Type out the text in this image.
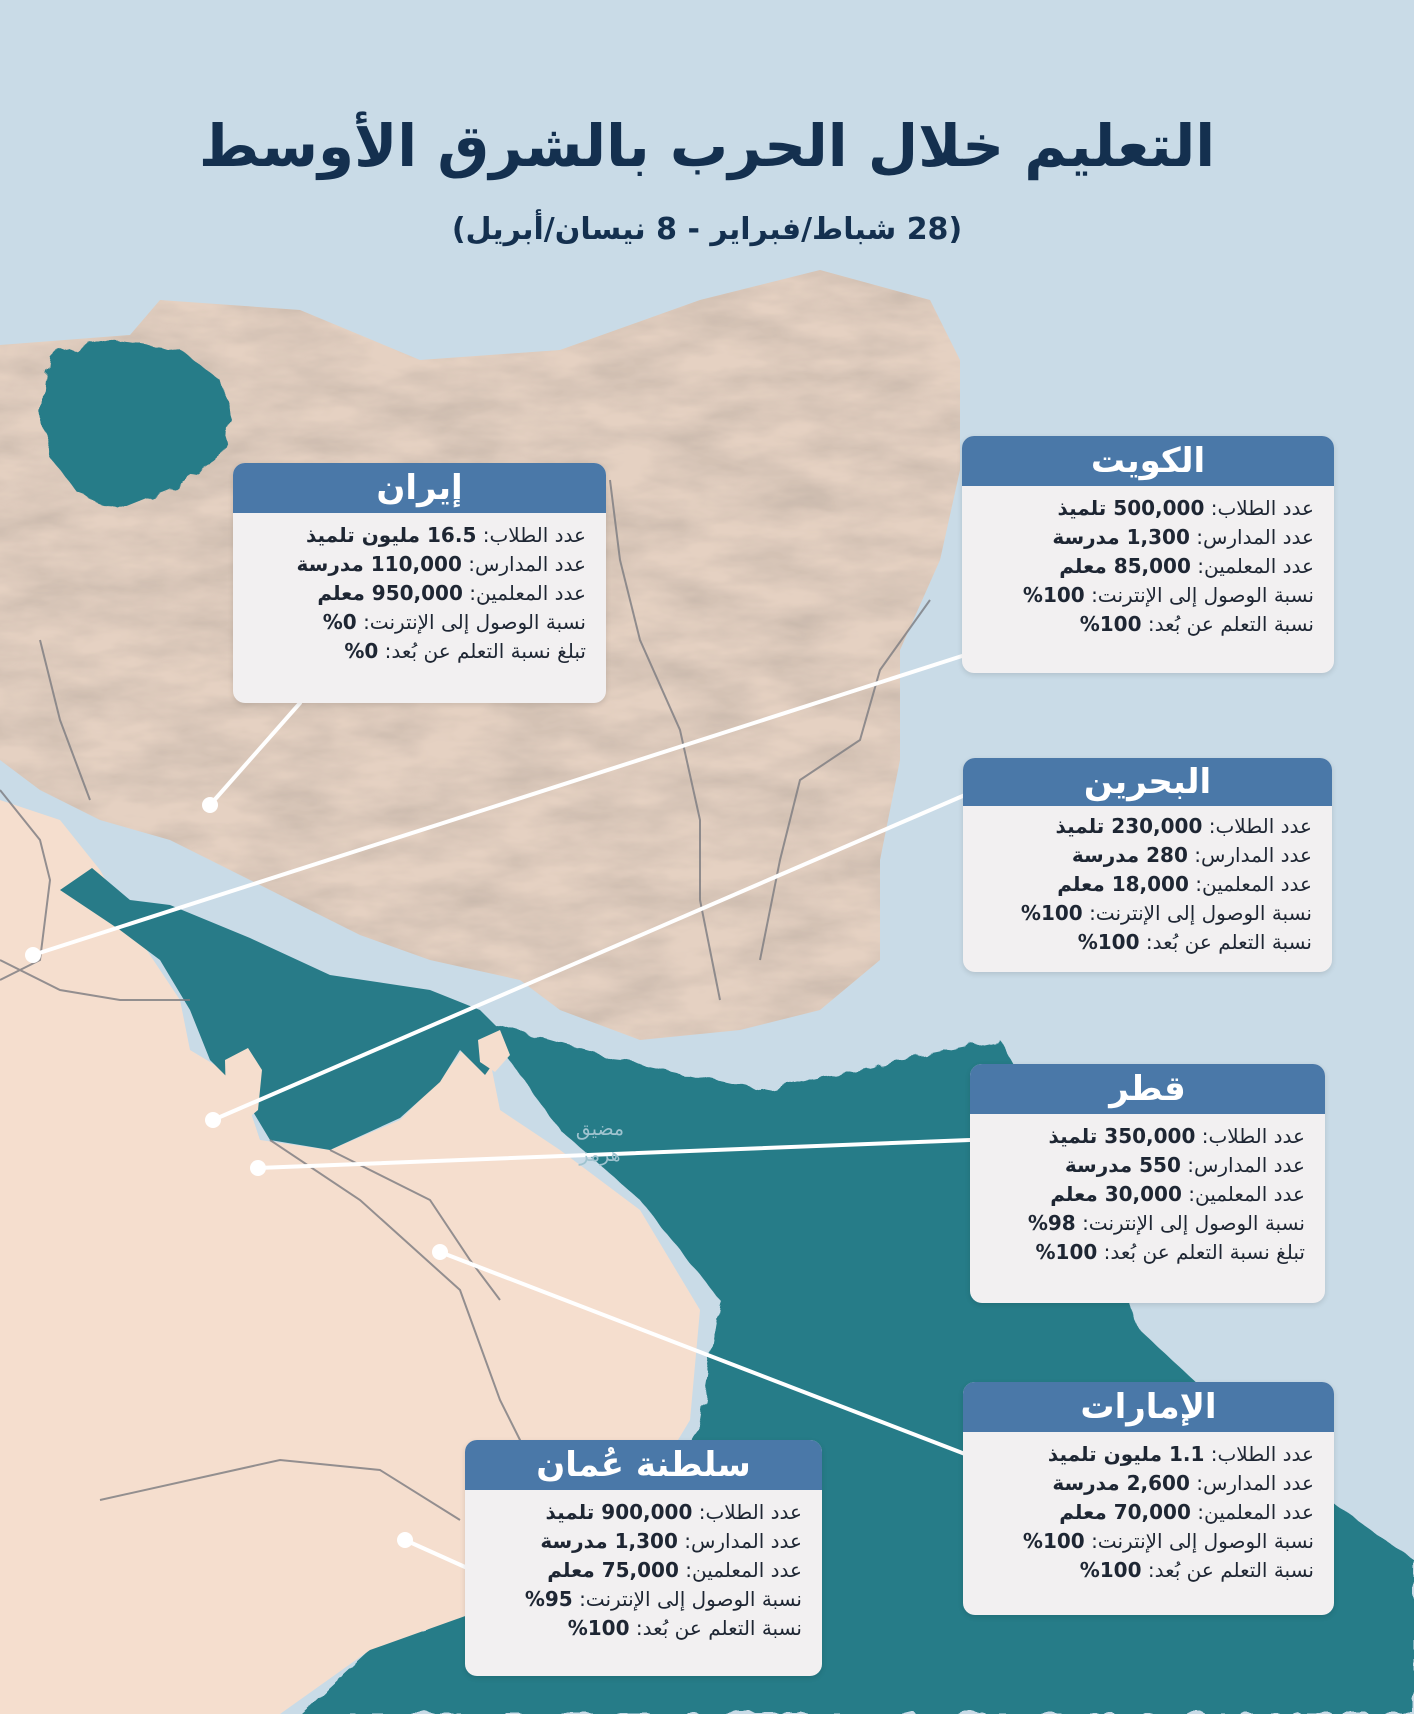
مضيق
هرمز
التعليم خلال الحرب بالشرق الأوسط
(28 شباط/فبراير - 8 نيسان/أبريل)
إيران
عدد الطلاب: 16.5 مليون تلميذ
عدد المدارس: 110,000 مدرسة
عدد المعلمين: 950,000 معلم
نسبة الوصول إلى الإنترنت: 0%
تبلغ نسبة التعلم عن بُعد: 0%
الكويت
عدد الطلاب: 500,000 تلميذ
عدد المدارس: 1,300 مدرسة
عدد المعلمين: 85,000 معلم
نسبة الوصول إلى الإنترنت: 100%
نسبة التعلم عن بُعد: 100%
البحرين
عدد الطلاب: 230,000 تلميذ
عدد المدارس: 280 مدرسة
عدد المعلمين: 18,000 معلم
نسبة الوصول إلى الإنترنت: 100%
نسبة التعلم عن بُعد: 100%
قطر
عدد الطلاب: 350,000 تلميذ
عدد المدارس: 550 مدرسة
عدد المعلمين: 30,000 معلم
نسبة الوصول إلى الإنترنت: 98%
تبلغ نسبة التعلم عن بُعد: 100%
الإمارات
عدد الطلاب: 1.1 مليون تلميذ
عدد المدارس: 2,600 مدرسة
عدد المعلمين: 70,000 معلم
نسبة الوصول إلى الإنترنت: 100%
نسبة التعلم عن بُعد: 100%
سلطنة عُمان
عدد الطلاب: 900,000 تلميذ
عدد المدارس: 1,300 مدرسة
عدد المعلمين: 75,000 معلم
نسبة الوصول إلى الإنترنت: 95%
نسبة التعلم عن بُعد: 100%
